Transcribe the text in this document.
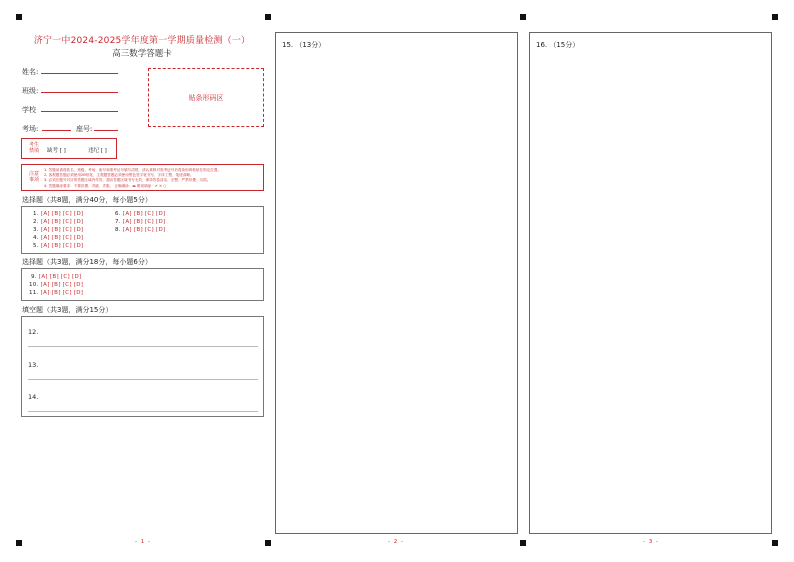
济宁一中2024-2025学年度第一学期质量检测（一）
高三数学答题卡
姓名:
班级:
学校
考场:	座号:
贴条形码区
考生
禁填	缺考 [ ]	违纪 [ ]
注意
事项
1. 答题前请将姓名、班级、考场、座号和准考证号填写清楚，请认真核对准考证号后将条形码粘贴在指定位置。
2. 客观题答题必须使用2B铅笔，主观题答题必须使用黑色签字笔书写，字体工整、笔迹清晰。
3. 必须在题号对应的答题区域内作答，超出答题区域书写无效，保持答卷清洁、完整，严禁折叠、污损。
4. 答题填涂要求：不要折叠、弄破、弄脏。 正确填涂：▬ 错误填涂：✔ ✕ ○
选择题（共8题，满分40分，每小题5分）
1. [A] [B] [C] [D]
2. [A] [B] [C] [D]
3. [A] [B] [C] [D]
4. [A] [B] [C] [D]
5. [A] [B] [C] [D]
6. [A] [B] [C] [D]
7. [A] [B] [C] [D]
8. [A] [B] [C] [D]
选择题（共3题，满分18分，每小题6分）
9. [A] [B] [C] [D]
10. [A] [B] [C] [D]
11. [A] [B] [C] [D]
填空题（共3题，满分15分）
12.
13.
14.
15. （13分）	16. （15分）
- 1 -	- 2 -	- 3 -
